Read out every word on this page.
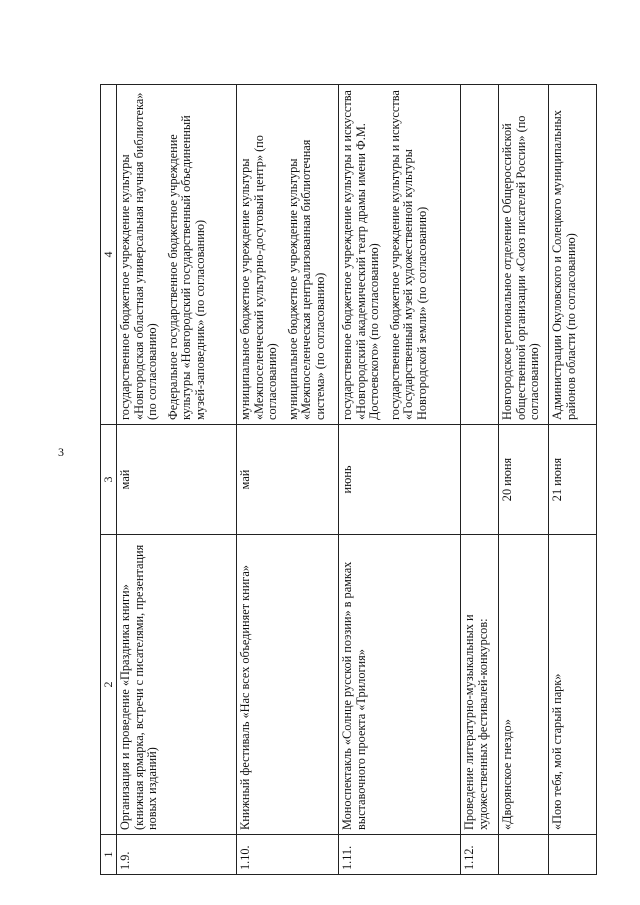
3
1	2	3	4
1.9.	Организация и проведение «Праздника книги» (книжная ярмарка, встречи с писателями, презентация новых изданий)	май	государственное бюджетное учреждение культуры «Новгородская областная универсальная научная библиотека» (по согласованию) Федеральное государственное бюджетное учреждение культуры «Новгородский государственный объединенный музей-заповедник» (по согласованию)

1.10.	Книжный фестиваль «Нас всех объединяет книга»	май	муниципальное бюджетное учреждение культуры «Межпоселенческий культурно-досуговый центр» (по согласованию) муниципальное бюджетное учреждение культуры «Межпоселенческая централизованная библиотечная система» (по согласованию)

1.11.	Моноспектакль «Солнце русской поэзии» в рамках выставочного проекта «Трилогия»	июнь	государственное бюджетное учреждение культуры и искусства «Новгородский академический театр драмы имени Ф.М. Достоевского» (по согласованию) государственное бюджетное учреждение культуры и искусства «Государственный музей художественной культуры Новгородской земли» (по согласованию)

1.12.	Проведение литературно-музыкальных и художественных фестивалей-конкурсов:		

	«Дворянское гнездо»	20 июня	Новгородское региональное отделение Общероссийской общественной организации «Союз писателей России» (по согласованию)
	«Пою тебя, мой старый парк»	21 июня	Администрации Окуловского и Солецкого муниципальных районов области (по согласованию)
